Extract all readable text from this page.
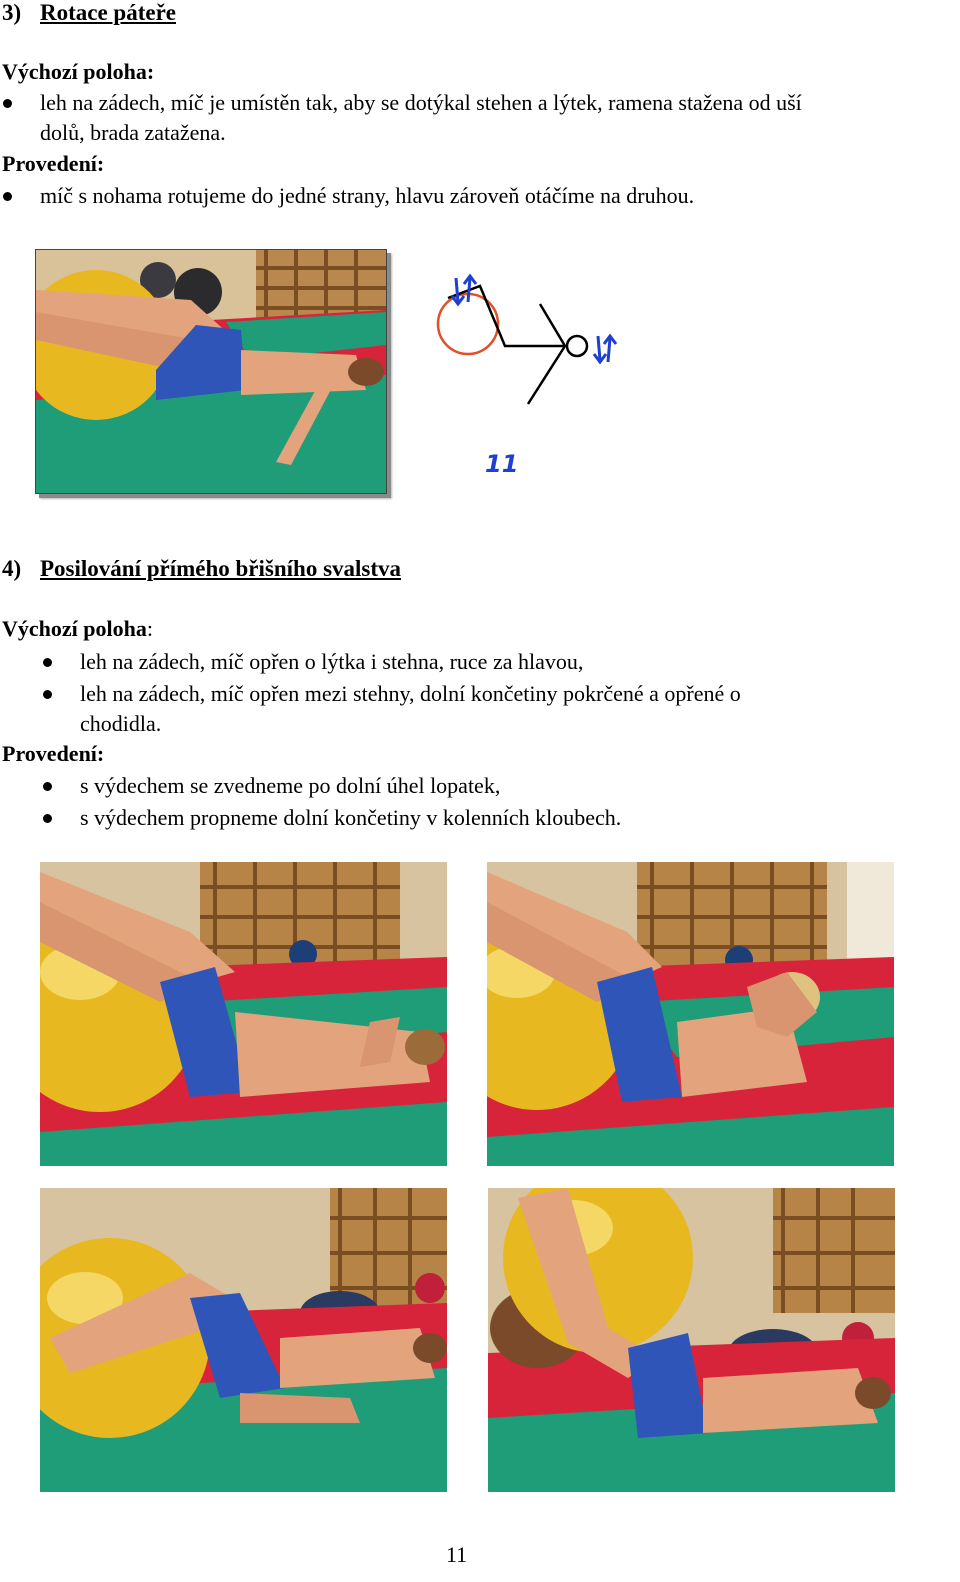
3) Rotace páteře
Výchozí poloha:
leh na zádech, míč je umístěn tak, aby se dotýkal stehen a lýtek, ramena stažena od uší
dolů, brada zatažena.
Provedení:
míč s nohama rotujeme do jedné strany, hlavu zároveň otáčíme na druhou.
11
4) Posilování přímého břišního svalstva
Výchozí poloha:
leh na zádech, míč opřen o lýtka i stehna, ruce za hlavou,
leh na zádech, míč opřen mezi stehny, dolní končetiny pokrčené a opřené o
chodidla.
Provedení:
s výdechem se zvedneme po dolní úhel lopatek,
s výdechem propneme dolní končetiny v kolenních kloubech.
11
